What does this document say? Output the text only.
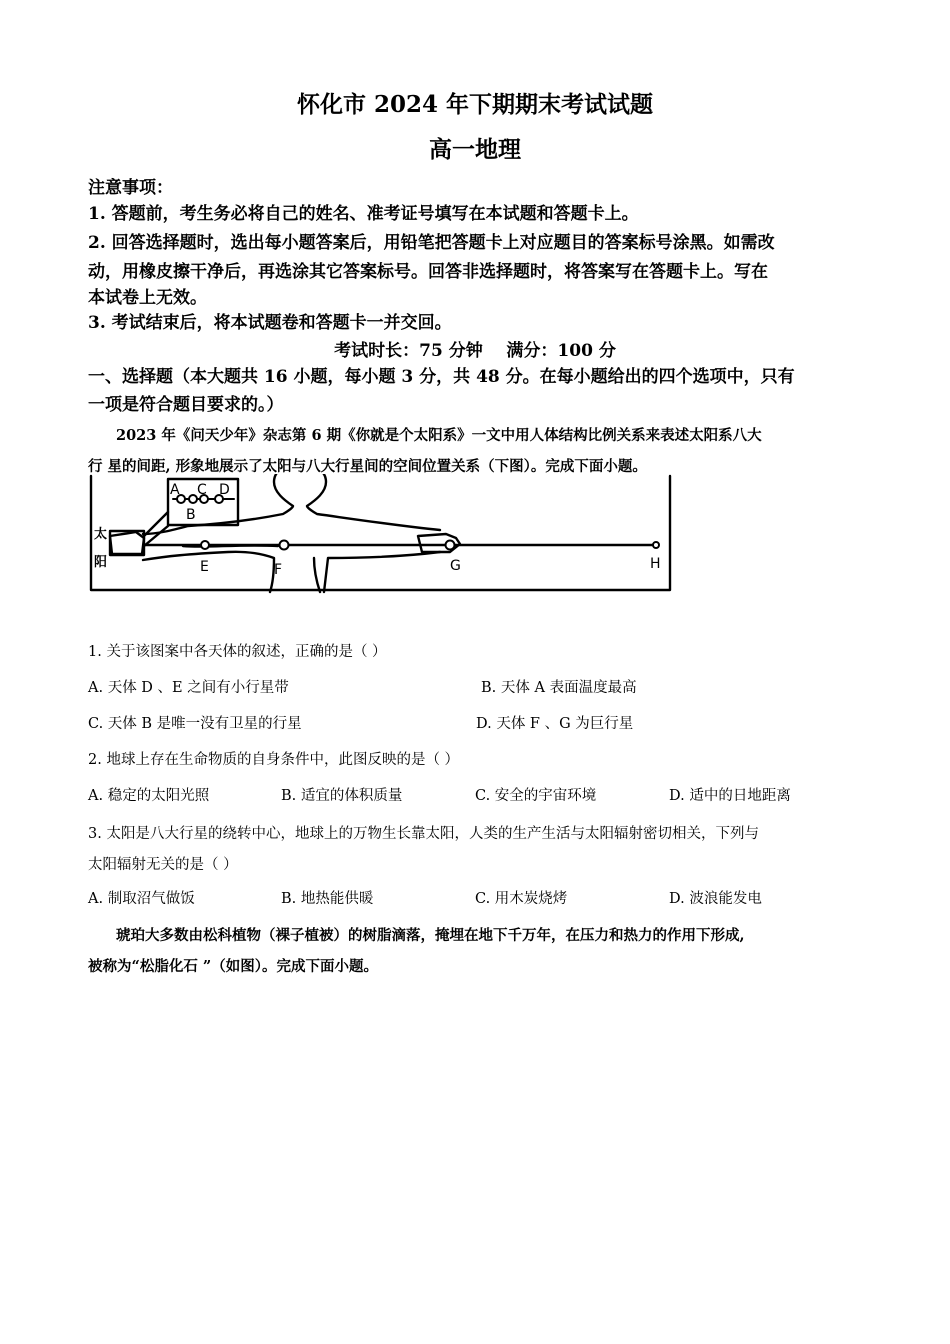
怀化市 2024 年下期期末考试试题
高一地理
注意事项：
1. 答题前，考生务必将自己的姓名、准考证号填写在本试题和答题卡上。
2. 回答选择题时，选出每小题答案后，用铅笔把答题卡上对应题目的答案标号涂黑。如需改
动，用橡皮擦干净后，再选涂其它答案标号。回答非选择题时，将答案写在答题卡上。写在
本试卷上无效。
3. 考试结束后，将本试题卷和答题卡一并交回。
考试时长：75 分钟    满分：100 分
一、选择题（本大题共 16 小题，每小题 3 分，共 48 分。在每小题给出的四个选项中，只有
一项是符合题目要求的。）
2023 年《问天少年》杂志第 6 期《你就是个太阳系》一文中用人体结构比例关系来表述太阳系八大
行 星的间距, 形象地展示了太阳与八大行星间的空间位置关系（下图）。完成下面小题。
A C D
B
E	F	G	H
太
阳
1. 关于该图案中各天体的叙述，正确的是（ ）
A. 天体 D 、E 之间有小行星带	B. 天体 A 表面温度最高
C. 天体 B 是唯一没有卫星的行星	D. 天体 F 、G 为巨行星
2. 地球上存在生命物质的自身条件中，此图反映的是（ ）
A. 稳定的太阳光照	B. 适宜的体积质量	C. 安全的宇宙环境	D. 适中的日地距离
3. 太阳是八大行星的绕转中心，地球上的万物生长靠太阳，人类的生产生活与太阳辐射密切相关，下列与
太阳辐射无关的是（ ）
A. 制取沼气做饭	B. 地热能供暖	C. 用木炭烧烤	D. 波浪能发电
琥珀大多数由松科植物（裸子植被）的树脂滴落，掩埋在地下千万年，在压力和热力的作用下形成,
被称为“松脂化石 ”（如图）。完成下面小题。
